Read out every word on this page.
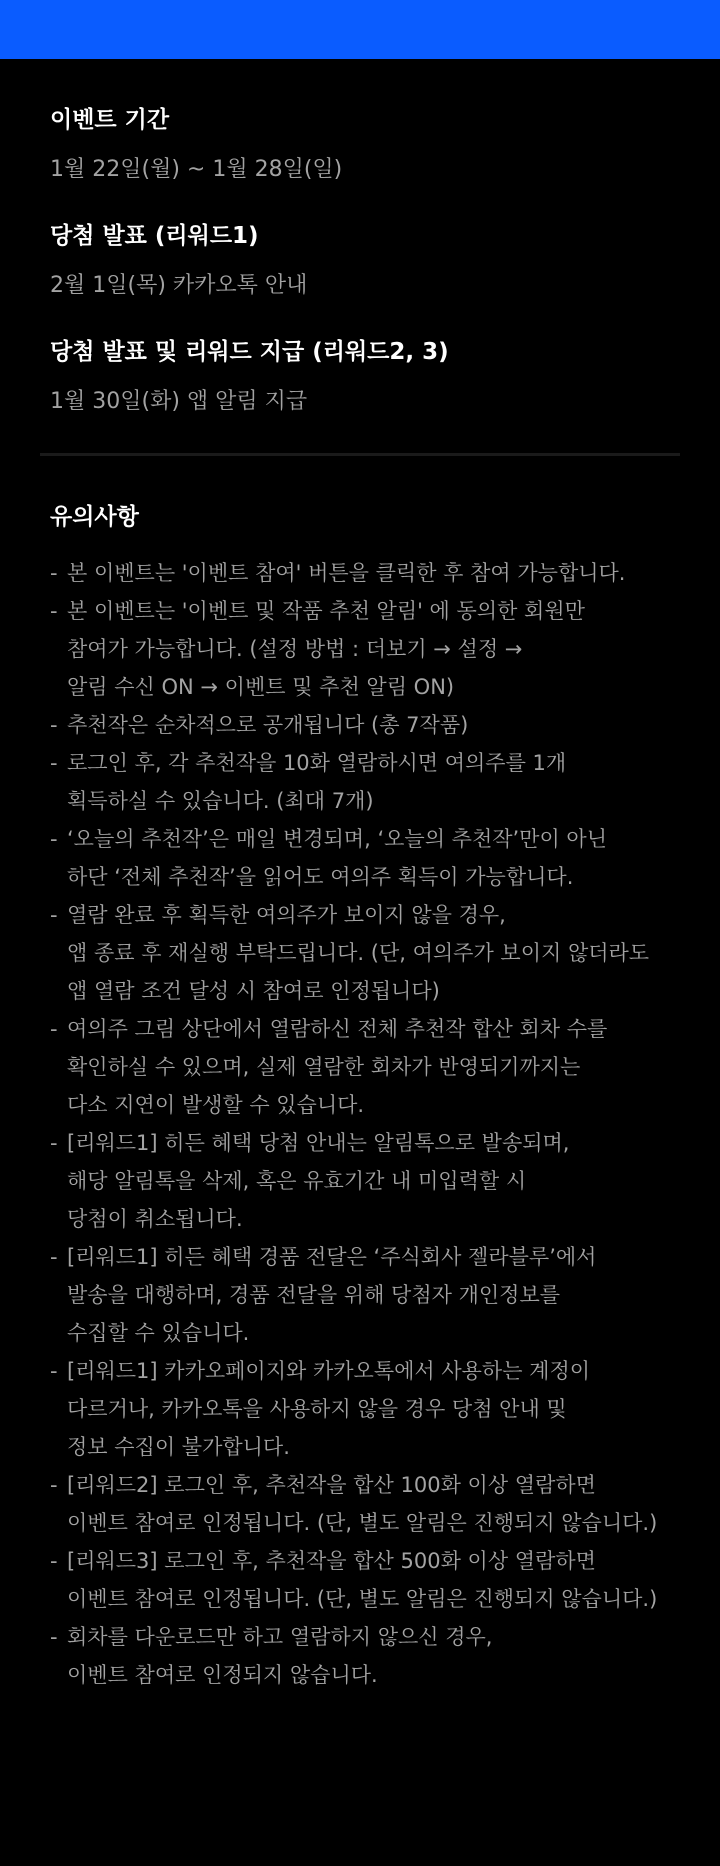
이벤트 기간
1월 22일(월) ~ 1월 28일(일)
당첨 발표 (리워드1)
2월 1일(목) 카카오톡 안내
당첨 발표 및 리워드 지급 (리워드2, 3)
1월 30일(화) 앱 알림 지급
유의사항
- 본 이벤트는 '이벤트 참여' 버튼을 클릭한 후 참여 가능합니다.
- 본 이벤트는 '이벤트 및 작품 추천 알림' 에 동의한 회원만
참여가 가능합니다. (설정 방법 : 더보기 → 설정 →
알림 수신 ON → 이벤트 및 추천 알림 ON)
- 추천작은 순차적으로 공개됩니다 (총 7작품)
- 로그인 후, 각 추천작을 10화 열람하시면 여의주를 1개
획득하실 수 있습니다. (최대 7개)
- ‘오늘의 추천작’은 매일 변경되며, ‘오늘의 추천작’만이 아닌
하단 ‘전체 추천작’을 읽어도 여의주 획득이 가능합니다.
- 열람 완료 후 획득한 여의주가 보이지 않을 경우,
앱 종료 후 재실행 부탁드립니다. (단, 여의주가 보이지 않더라도
앱 열람 조건 달성 시 참여로 인정됩니다)
- 여의주 그림 상단에서 열람하신 전체 추천작 합산 회차 수를
확인하실 수 있으며, 실제 열람한 회차가 반영되기까지는
다소 지연이 발생할 수 있습니다.
- [리워드1] 히든 혜택 당첨 안내는 알림톡으로 발송되며,
해당 알림톡을 삭제, 혹은 유효기간 내 미입력할 시
당첨이 취소됩니다.
- [리워드1] 히든 혜택 경품 전달은 ‘주식회사 젤라블루’에서
발송을 대행하며, 경품 전달을 위해 당첨자 개인정보를
수집할 수 있습니다.
- [리워드1] 카카오페이지와 카카오톡에서 사용하는 계정이
다르거나, 카카오톡을 사용하지 않을 경우 당첨 안내 및
정보 수집이 불가합니다.
- [리워드2] 로그인 후, 추천작을 합산 100화 이상 열람하면
이벤트 참여로 인정됩니다. (단, 별도 알림은 진행되지 않습니다.)
- [리워드3] 로그인 후, 추천작을 합산 500화 이상 열람하면
이벤트 참여로 인정됩니다. (단, 별도 알림은 진행되지 않습니다.)
- 회차를 다운로드만 하고 열람하지 않으신 경우,
이벤트 참여로 인정되지 않습니다.
